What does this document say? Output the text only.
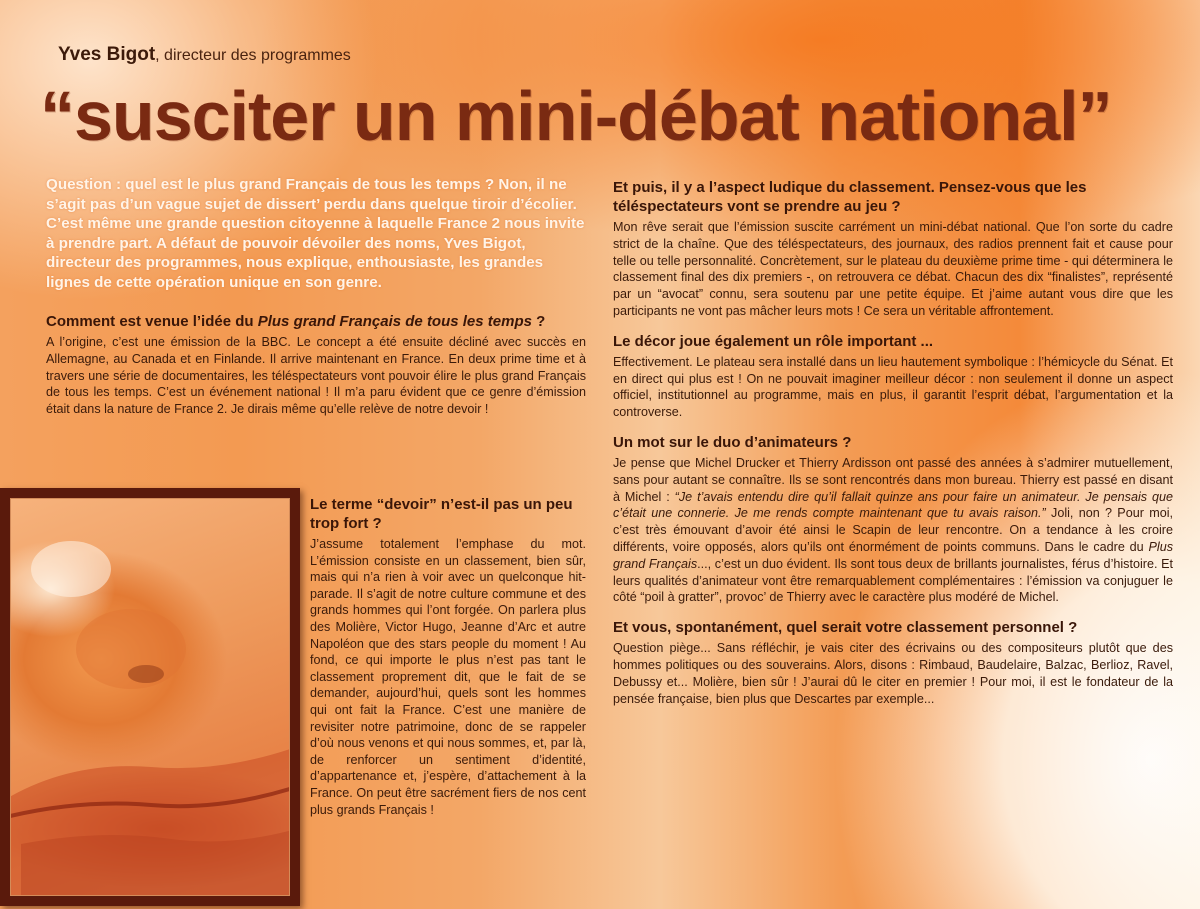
Yves Bigot, directeur des programmes

“susciter un mini-débat national”

Question : quel est le plus grand Français de tous les temps ? Non, il ne s’agit pas d’un vague sujet de dissert’ perdu dans quelque tiroir d’écolier. C’est même une grande question citoyenne à laquelle France 2 nous invite à prendre part. A défaut de pouvoir dévoiler des noms, Yves Bigot, directeur des programmes, nous explique, enthousiaste, les grandes lignes de cette opération unique en son genre.

Comment est venue l’idée du Plus grand Français de tous les temps ?

A l’origine, c’est une émission de la BBC. Le concept a été ensuite décliné avec succès en Allemagne, au Canada et en Finlande. Il arrive maintenant en France. En deux prime time et à travers une série de documentaires, les téléspectateurs vont pouvoir élire le plus grand Français de tous les temps. C’est un événement national ! Il m’a paru évident que ce genre d’émission était dans la nature de France 2. Je dirais même qu’elle relève de notre devoir !

Le terme “devoir” n’est-il pas un peu trop fort ?

J’assume totalement l’emphase du mot. L’émission consiste en un classement, bien sûr, mais qui n’a rien à voir avec un quelconque hit-parade. Il s’agit de notre culture commune et des grands hommes qui l’ont forgée. On parlera plus des Molière, Victor Hugo, Jeanne d’Arc et autre Napoléon que des stars people du moment ! Au fond, ce qui importe le plus n’est pas tant le classement proprement dit, que le fait de se demander, aujourd’hui, quels sont les hommes qui ont fait la France. C’est une manière de revisiter notre patrimoine, donc de se rappeler d’où nous venons et qui nous sommes, et, par là, de renforcer un sentiment d’identité, d’appartenance et, j’espère, d’attachement à la France. On peut être sacrément fiers de nos cent plus grands Français !

Et puis, il y a l’aspect ludique du classement. Pensez-vous que les téléspectateurs vont se prendre au jeu ?

Mon rêve serait que l’émission suscite carrément un mini-débat national. Que l’on sorte du cadre strict de la chaîne. Que des téléspectateurs, des journaux, des radios prennent fait et cause pour telle ou telle personnalité. Concrètement, sur le plateau du deuxième prime time - qui déterminera le classement final des dix premiers -, on retrouvera ce débat. Chacun des dix “finalistes”, représenté par un “avocat” connu, sera soutenu par une petite équipe. Et j’aime autant vous dire que les participants ne vont pas mâcher leurs mots ! Ce sera un véritable affrontement.

Le décor joue également un rôle important ...

Effectivement. Le plateau sera installé dans un lieu hautement symbolique : l’hémicycle du Sénat. Et en direct qui plus est ! On ne pouvait imaginer meilleur décor : non seulement il donne un aspect officiel, institutionnel au programme, mais en plus, il garantit l’esprit débat, l’argumentation et la controverse.

Un mot sur le duo d’animateurs ?

Je pense que Michel Drucker et Thierry Ardisson ont passé des années à s’admirer mutuellement, sans pour autant se connaître. Ils se sont rencontrés dans mon bureau. Thierry est passé en disant à Michel : “Je t’avais entendu dire qu’il fallait quinze ans pour faire un animateur. Je pensais que c’était une connerie. Je me rends compte maintenant que tu avais raison.” Joli, non ? Pour moi, c’est très émouvant d’avoir été ainsi le Scapin de leur rencontre. On a tendance à les croire différents, voire opposés, alors qu’ils ont énormément de points communs. Dans le cadre du Plus grand Français..., c’est un duo évident. Ils sont tous deux de brillants journalistes, férus d’histoire. Et leurs qualités d’animateur vont être remarquablement complémentaires : l’émission va conjuguer le côté “poil à gratter”, provoc’ de Thierry avec le caractère plus modéré de Michel.

Et vous, spontanément, quel serait votre classement personnel ?

Question piège... Sans réfléchir, je vais citer des écrivains ou des compositeurs plutôt que des hommes politiques ou des souverains. Alors, disons : Rimbaud, Baudelaire, Balzac, Berlioz, Ravel, Debussy et... Molière, bien sûr ! J’aurai dû le citer en premier ! Pour moi, il est le fondateur de la pensée française, bien plus que Descartes par exemple...
